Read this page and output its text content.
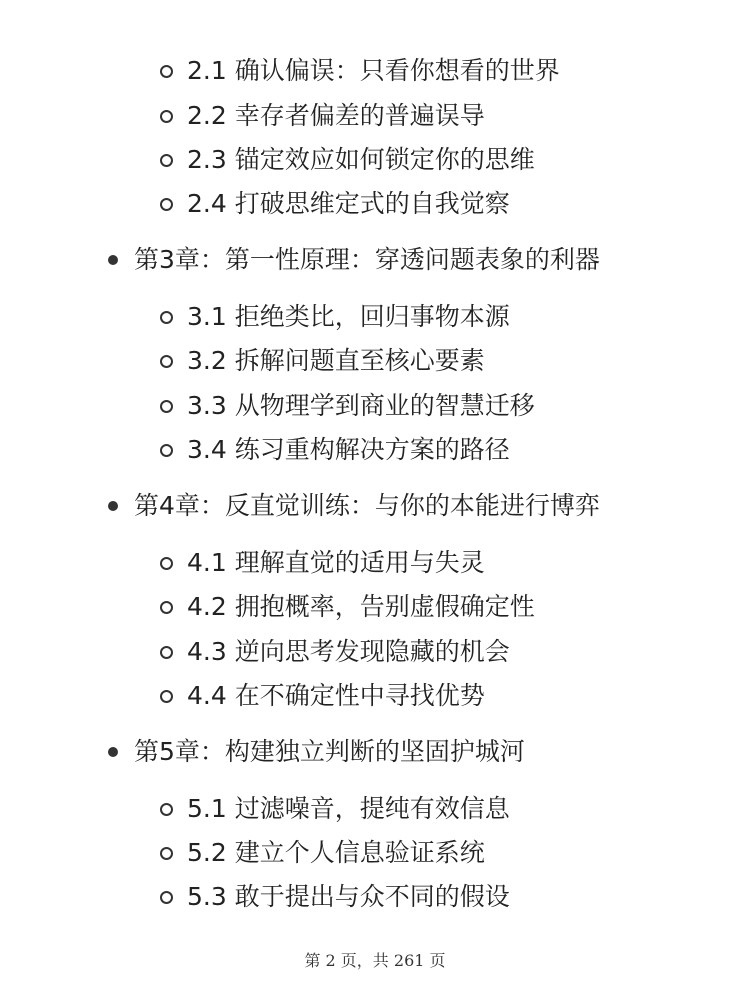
2.1 确认偏误：只看你想看的世界
2.2 幸存者偏差的普遍误导
2.3 锚定效应如何锁定你的思维
2.4 打破思维定式的自我觉察
第3章：第一性原理：穿透问题表象的利器
3.1 拒绝类比，回归事物本源
3.2 拆解问题直至核心要素
3.3 从物理学到商业的智慧迁移
3.4 练习重构解决方案的路径
第4章：反直觉训练：与你的本能进行博弈
4.1 理解直觉的适用与失灵
4.2 拥抱概率，告别虚假确定性
4.3 逆向思考发现隐藏的机会
4.4 在不确定性中寻找优势
第5章：构建独立判断的坚固护城河
5.1 过滤噪音，提纯有效信息
5.2 建立个人信息验证系统
5.3 敢于提出与众不同的假设
第 2 页，共 261 页
